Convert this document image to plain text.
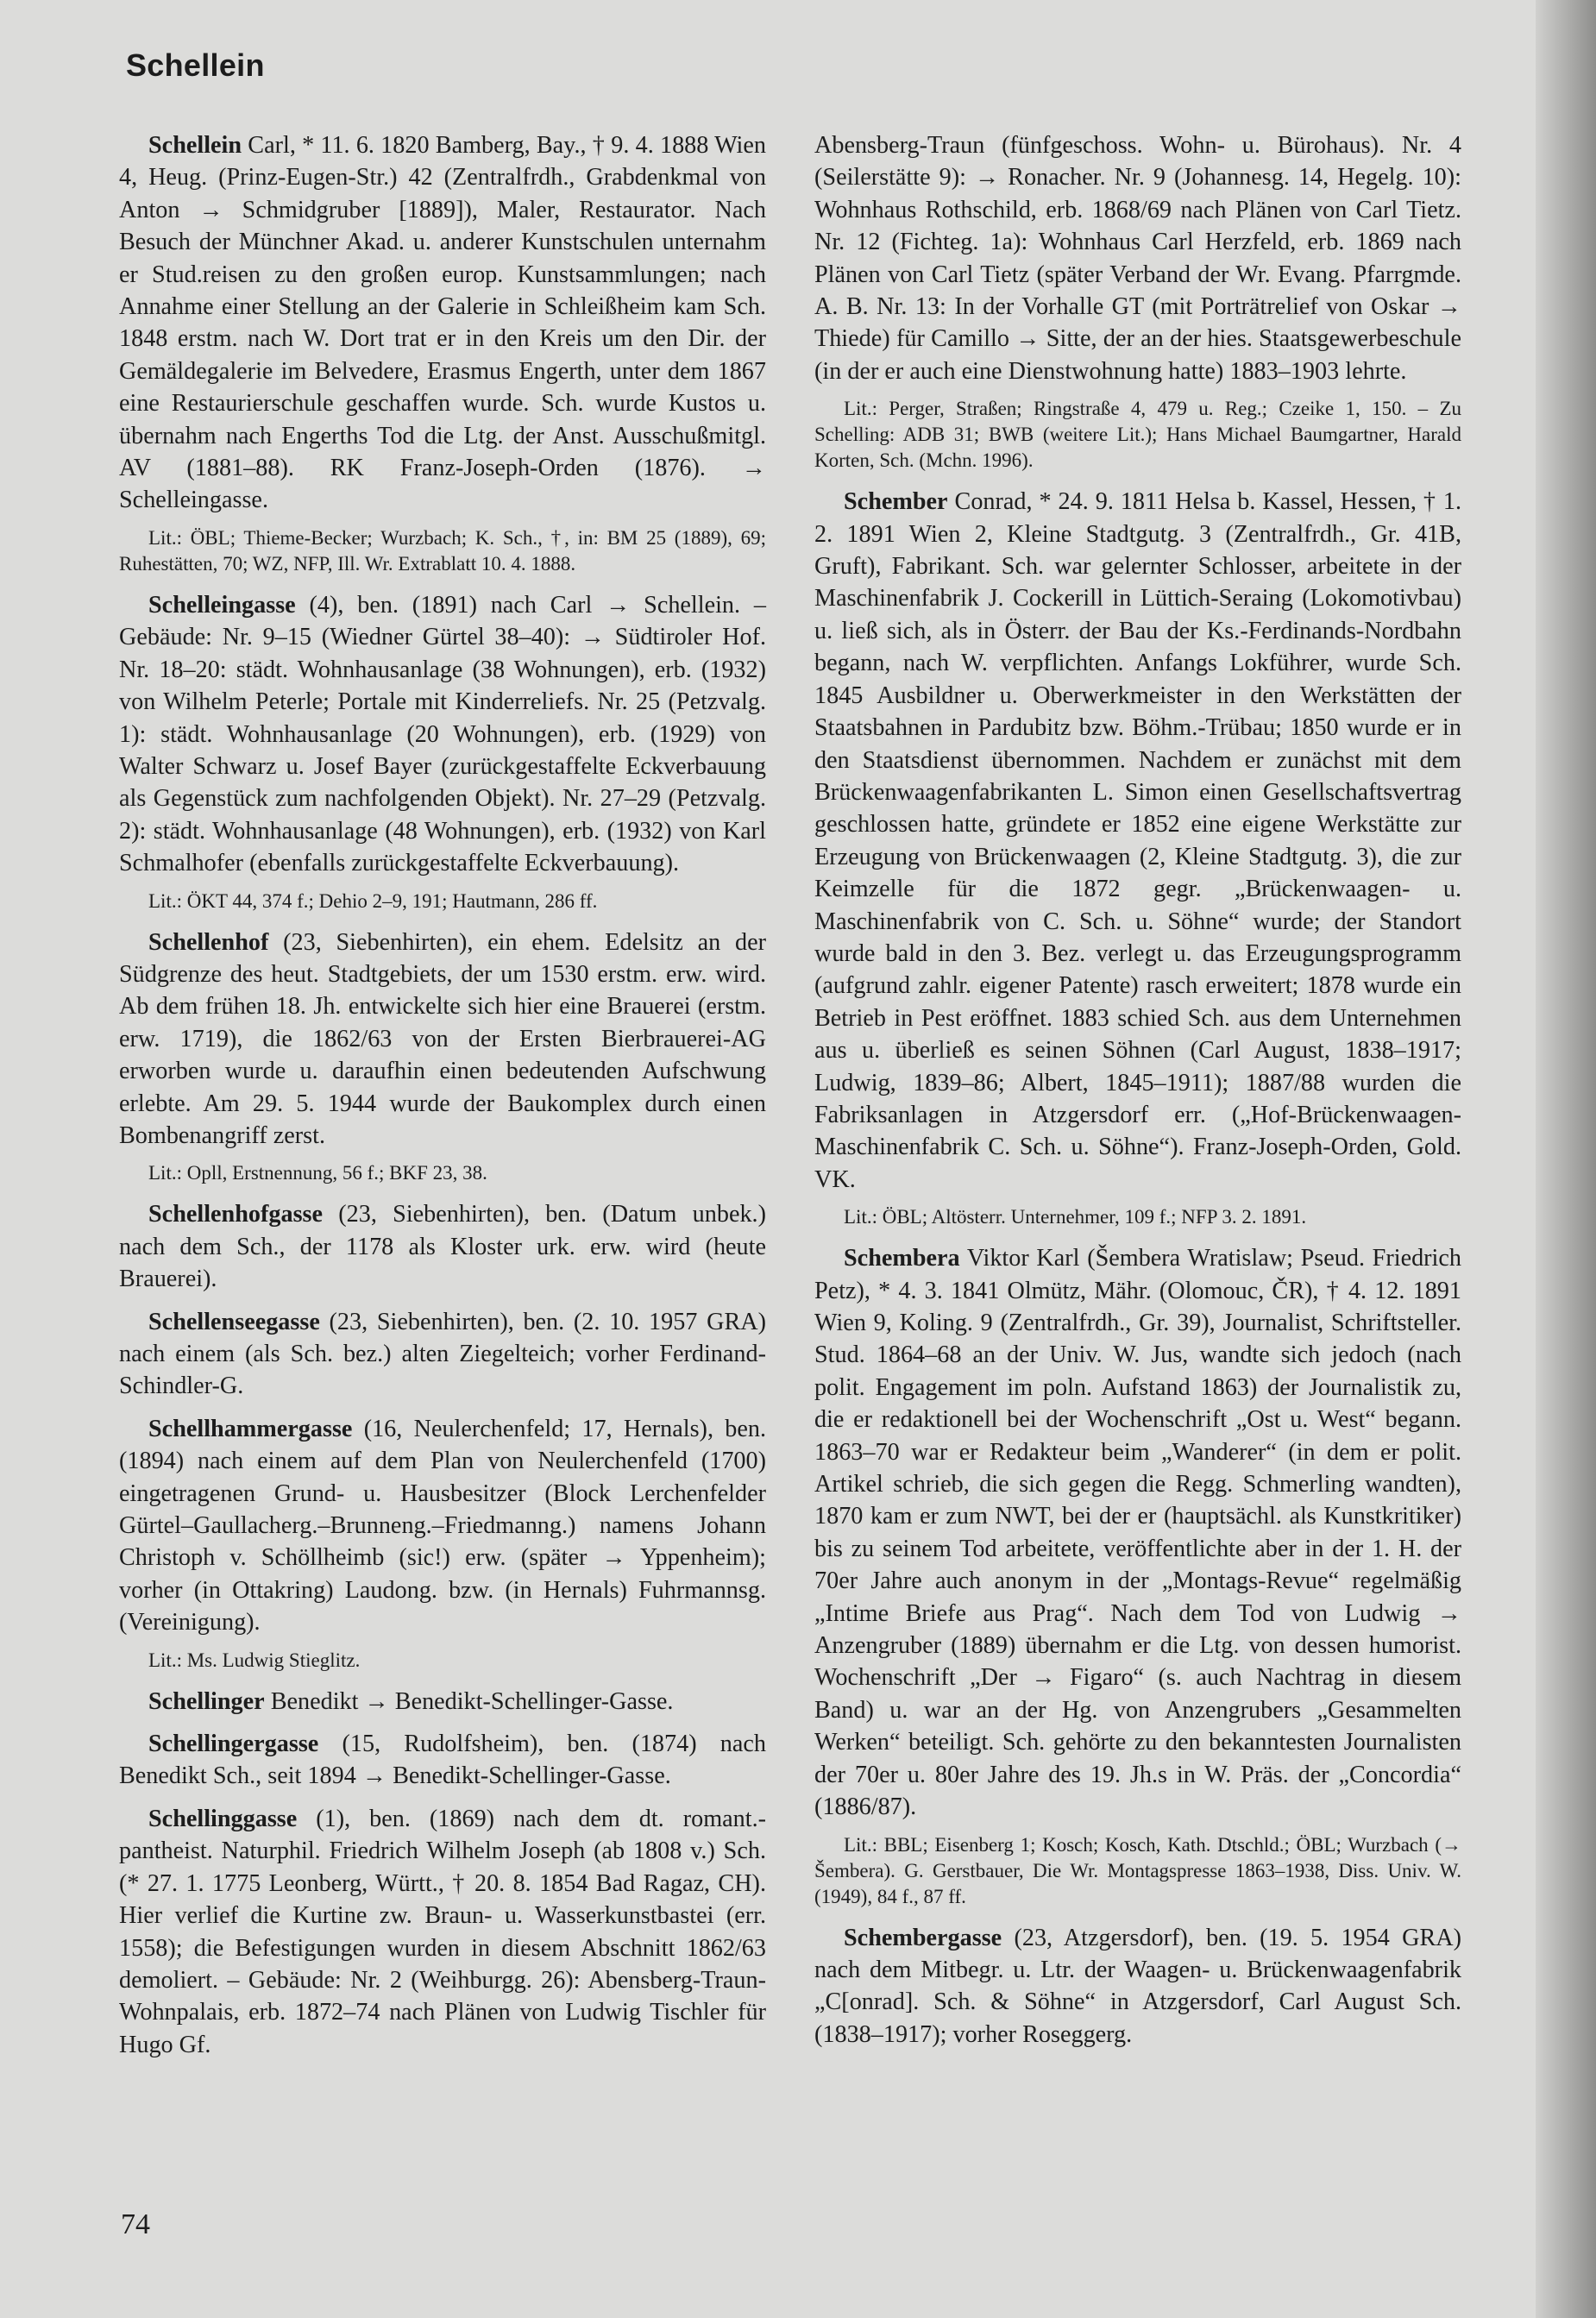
Schellein

Schellein Carl, * 11. 6. 1820 Bamberg, Bay., † 9. 4. 1888 Wien 4, Heug. (Prinz-Eugen-Str.) 42 (Zentralfrdh., Grabdenkmal von Anton → Schmidgruber [1889]), Maler, Restaurator. Nach Besuch der Münchner Akad. u. anderer Kunstschulen unternahm er Stud.reisen zu den großen europ. Kunstsammlungen; nach Annahme einer Stellung an der Galerie in Schleißheim kam Sch. 1848 erstm. nach W. Dort trat er in den Kreis um den Dir. der Gemäldegalerie im Belvedere, Erasmus Engerth, unter dem 1867 eine Restaurierschule geschaffen wurde. Sch. wurde Kustos u. übernahm nach Engerths Tod die Ltg. der Anst. Ausschußmitgl. AV (1881–88). RK Franz-Joseph-Orden (1876). → Schelleingasse.

Lit.: ÖBL; Thieme-Becker; Wurzbach; K. Sch., †, in: BM 25 (1889), 69; Ruhestätten, 70; WZ, NFP, Ill. Wr. Extrablatt 10. 4. 1888.

Schelleingasse (4), ben. (1891) nach Carl → Schellein. – Gebäude: Nr. 9–15 (Wiedner Gürtel 38–40): → Südtiroler Hof. Nr. 18–20: städt. Wohnhausanlage (38 Wohnungen), erb. (1932) von Wilhelm Peterle; Portale mit Kinderreliefs. Nr. 25 (Petzvalg. 1): städt. Wohnhausanlage (20 Wohnungen), erb. (1929) von Walter Schwarz u. Josef Bayer (zurückgestaffelte Eckverbauung als Gegenstück zum nachfolgenden Objekt). Nr. 27–29 (Petzvalg. 2): städt. Wohnhausanlage (48 Wohnungen), erb. (1932) von Karl Schmalhofer (ebenfalls zurückgestaffelte Eckverbauung).

Lit.: ÖKT 44, 374 f.; Dehio 2–9, 191; Hautmann, 286 ff.

Schellenhof (23, Siebenhirten), ein ehem. Edelsitz an der Südgrenze des heut. Stadtgebiets, der um 1530 erstm. erw. wird. Ab dem frühen 18. Jh. entwickelte sich hier eine Brauerei (erstm. erw. 1719), die 1862/63 von der Ersten Bierbrauerei-AG erworben wurde u. daraufhin einen bedeutenden Aufschwung erlebte. Am 29. 5. 1944 wurde der Baukomplex durch einen Bombenangriff zerst.

Lit.: Opll, Erstnennung, 56 f.; BKF 23, 38.

Schellenhofgasse (23, Siebenhirten), ben. (Datum unbek.) nach dem Sch., der 1178 als Kloster urk. erw. wird (heute Brauerei).

Schellenseegasse (23, Siebenhirten), ben. (2. 10. 1957 GRA) nach einem (als Sch. bez.) alten Ziegelteich; vorher Ferdinand-Schindler-G.

Schellhammergasse (16, Neulerchenfeld; 17, Hernals), ben. (1894) nach einem auf dem Plan von Neulerchenfeld (1700) eingetragenen Grund- u. Hausbesitzer (Block Lerchenfelder Gürtel–Gaullacherg.–Brunneng.–Friedmanng.) namens Johann Christoph v. Schöllheimb (sic!) erw. (später → Yppenheim); vorher (in Ottakring) Laudong. bzw. (in Hernals) Fuhrmannsg. (Vereinigung).

Lit.: Ms. Ludwig Stieglitz.

Schellinger Benedikt → Benedikt-Schellinger-Gasse.

Schellingergasse (15, Rudolfsheim), ben. (1874) nach Benedikt Sch., seit 1894 → Benedikt-Schellinger-Gasse.

Schellinggasse (1), ben. (1869) nach dem dt. romant.-pantheist. Naturphil. Friedrich Wilhelm Joseph (ab 1808 v.) Sch. (* 27. 1. 1775 Leonberg, Württ., † 20. 8. 1854 Bad Ragaz, CH). Hier verlief die Kurtine zw. Braun- u. Wasserkunstbastei (err. 1558); die Befestigungen wurden in diesem Abschnitt 1862/63 demoliert. – Gebäude: Nr. 2 (Weihburgg. 26): Abensberg-Traun-Wohnpalais, erb. 1872–74 nach Plänen von Ludwig Tischler für Hugo Gf.

Abensberg-Traun (fünfgeschoss. Wohn- u. Bürohaus). Nr. 4 (Seilerstätte 9): → Ronacher. Nr. 9 (Johannesg. 14, Hegelg. 10): Wohnhaus Rothschild, erb. 1868/69 nach Plänen von Carl Tietz. Nr. 12 (Fichteg. 1a): Wohnhaus Carl Herzfeld, erb. 1869 nach Plänen von Carl Tietz (später Verband der Wr. Evang. Pfarrgmde. A. B. Nr. 13: In der Vorhalle GT (mit Porträtrelief von Oskar → Thiede) für Camillo → Sitte, der an der hies. Staatsgewerbeschule (in der er auch eine Dienstwohnung hatte) 1883–1903 lehrte.

Lit.: Perger, Straßen; Ringstraße 4, 479 u. Reg.; Czeike 1, 150. – Zu Schelling: ADB 31; BWB (weitere Lit.); Hans Michael Baumgartner, Harald Korten, Sch. (Mchn. 1996).

Schember Conrad, * 24. 9. 1811 Helsa b. Kassel, Hessen, † 1. 2. 1891 Wien 2, Kleine Stadtgutg. 3 (Zentralfrdh., Gr. 41B, Gruft), Fabrikant. Sch. war gelernter Schlosser, arbeitete in der Maschinenfabrik J. Cockerill in Lüttich-Seraing (Lokomotivbau) u. ließ sich, als in Österr. der Bau der Ks.-Ferdinands-Nordbahn begann, nach W. verpflichten. Anfangs Lokführer, wurde Sch. 1845 Ausbildner u. Oberwerkmeister in den Werkstätten der Staatsbahnen in Pardubitz bzw. Böhm.-Trübau; 1850 wurde er in den Staatsdienst übernommen. Nachdem er zunächst mit dem Brückenwaagenfabrikanten L. Simon einen Gesellschaftsvertrag geschlossen hatte, gründete er 1852 eine eigene Werkstätte zur Erzeugung von Brückenwaagen (2, Kleine Stadtgutg. 3), die zur Keimzelle für die 1872 gegr. „Brückenwaagen- u. Maschinenfabrik von C. Sch. u. Söhne“ wurde; der Standort wurde bald in den 3. Bez. verlegt u. das Erzeugungsprogramm (aufgrund zahlr. eigener Patente) rasch erweitert; 1878 wurde ein Betrieb in Pest eröffnet. 1883 schied Sch. aus dem Unternehmen aus u. überließ es seinen Söhnen (Carl August, 1838–1917; Ludwig, 1839–86; Albert, 1845–1911); 1887/88 wurden die Fabriksanlagen in Atzgersdorf err. („Hof-Brückenwaagen-Maschinenfabrik C. Sch. u. Söhne“). Franz-Joseph-Orden, Gold. VK.

Lit.: ÖBL; Altösterr. Unternehmer, 109 f.; NFP 3. 2. 1891.

Schembera Viktor Karl (Šembera Wratislaw; Pseud. Friedrich Petz), * 4. 3. 1841 Olmütz, Mähr. (Olomouc, ČR), † 4. 12. 1891 Wien 9, Koling. 9 (Zentralfrdh., Gr. 39), Journalist, Schriftsteller. Stud. 1864–68 an der Univ. W. Jus, wandte sich jedoch (nach polit. Engagement im poln. Aufstand 1863) der Journalistik zu, die er redaktionell bei der Wochenschrift „Ost u. West“ begann. 1863–70 war er Redakteur beim „Wanderer“ (in dem er polit. Artikel schrieb, die sich gegen die Regg. Schmerling wandten), 1870 kam er zum NWT, bei der er (hauptsächl. als Kunstkritiker) bis zu seinem Tod arbeitete, veröffentlichte aber in der 1. H. der 70er Jahre auch anonym in der „Montags-Revue“ regelmäßig „Intime Briefe aus Prag“. Nach dem Tod von Ludwig → Anzengruber (1889) übernahm er die Ltg. von dessen humorist. Wochenschrift „Der → Figaro“ (s. auch Nachtrag in diesem Band) u. war an der Hg. von Anzengrubers „Gesammelten Werken“ beteiligt. Sch. gehörte zu den bekanntesten Journalisten der 70er u. 80er Jahre des 19. Jh.s in W. Präs. der „Concordia“ (1886/87).

Lit.: BBL; Eisenberg 1; Kosch; Kosch, Kath. Dtschld.; ÖBL; Wurzbach (→ Šembera). G. Gerstbauer, Die Wr. Montagspresse 1863–1938, Diss. Univ. W. (1949), 84 f., 87 ff.

Schembergasse (23, Atzgersdorf), ben. (19. 5. 1954 GRA) nach dem Mitbegr. u. Ltr. der Waagen- u. Brückenwaagenfabrik „C[onrad]. Sch. & Söhne“ in Atzgersdorf, Carl August Sch. (1838–1917); vorher Roseggerg.

74
